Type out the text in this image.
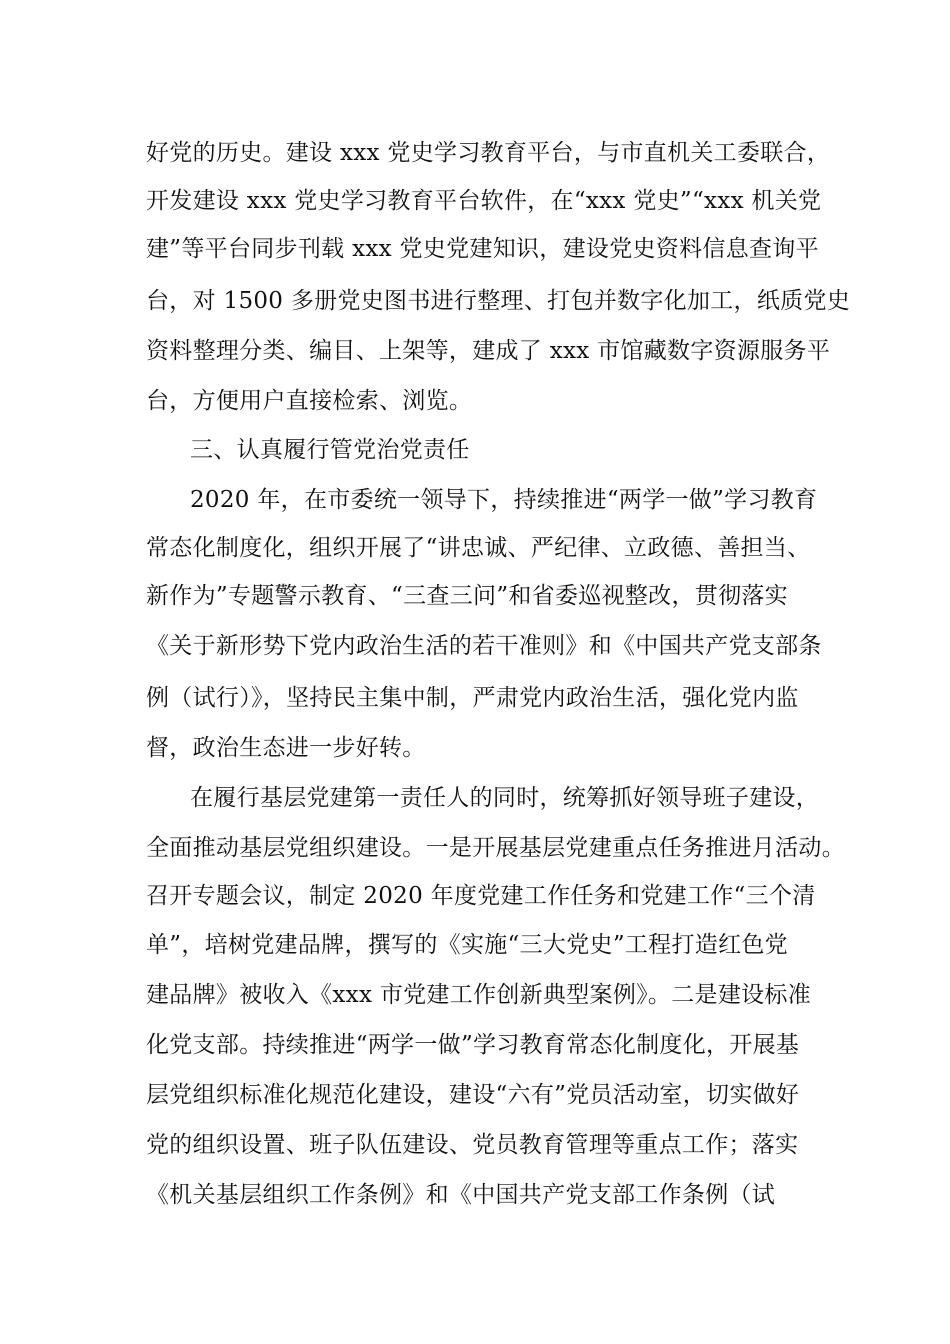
好党的历史。建设 xxx 党史学习教育平台，与市直机关工委联合，
开发建设 xxx 党史学习教育平台软件，在“xxx 党史”“xxx 机关党
建”等平台同步刊载 xxx 党史党建知识，建设党史资料信息查询平
台，对 1500 多册党史图书进行整理、打包并数字化加工，纸质党史
资料整理分类、编目、上架等，建成了 xxx 市馆藏数字资源服务平
台，方便用户直接检索、浏览。
三、认真履行管党治党责任
2020 年，在市委统一领导下，持续推进“两学一做”学习教育
常态化制度化，组织开展了“讲忠诚、严纪律、立政德、善担当、
新作为”专题警示教育、“三查三问”和省委巡视整改，贯彻落实
《关于新形势下党内政治生活的若干准则》和《中国共产党支部条
例（试行）》，坚持民主集中制，严肃党内政治生活，强化党内监
督，政治生态进一步好转。
在履行基层党建第一责任人的同时，统筹抓好领导班子建设，
全面推动基层党组织建设。一是开展基层党建重点任务推进月活动。
召开专题会议，制定 2020 年度党建工作任务和党建工作“三个清
单”，培树党建品牌，撰写的《实施“三大党史”工程打造红色党
建品牌》被收入《xxx 市党建工作创新典型案例》。二是建设标准
化党支部。持续推进“两学一做”学习教育常态化制度化，开展基
层党组织标准化规范化建设，建设“六有”党员活动室，切实做好
党的组织设置、班子队伍建设、党员教育管理等重点工作；落实
《机关基层组织工作条例》和《中国共产党支部工作条例（试
